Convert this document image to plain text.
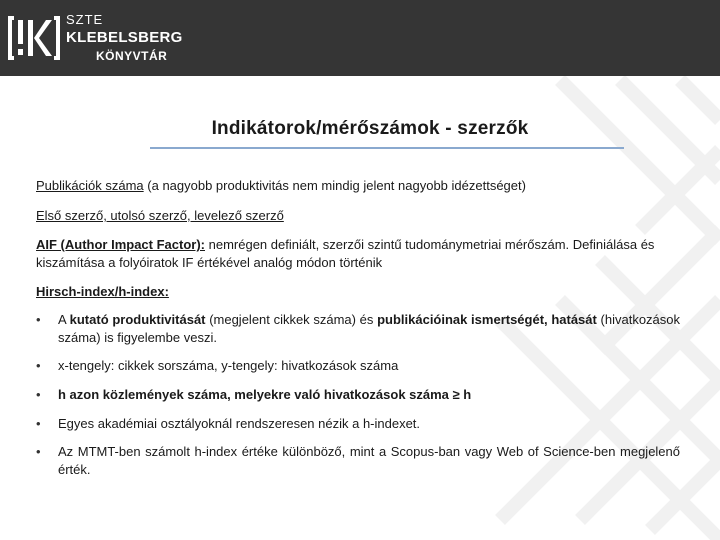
SZTE
KLEBELSBERG
KÖNYVTÁR
Indikátorok/mérőszámok - szerzők
Publikációk száma (a nagyobb produktivitás nem mindig jelent nagyobb idézettséget)
Első szerző, utolsó szerző, levelező szerző
AIF (Author Impact Factor): nemrégen definiált, szerzői szintű tudománymetriai mérőszám. Definiálása és kiszámítása a folyóiratok IF értékével analóg módon történik
Hirsch-index/h-index:
• A kutató produktivitását (megjelent cikkek száma) és publikációinak ismertségét, hatását (hivatkozások száma) is figyelembe veszi.
• x-tengely: cikkek sorszáma, y-tengely: hivatkozások száma
• h azon közlemények száma, melyekre való hivatkozások száma ≥ h
• Egyes akadémiai osztályoknál rendszeresen nézik a h-indexet.
• Az MTMT-ben számolt h-index értéke különböző, mint a Scopus-ban vagy Web of Science-ben megjelenő érték.
